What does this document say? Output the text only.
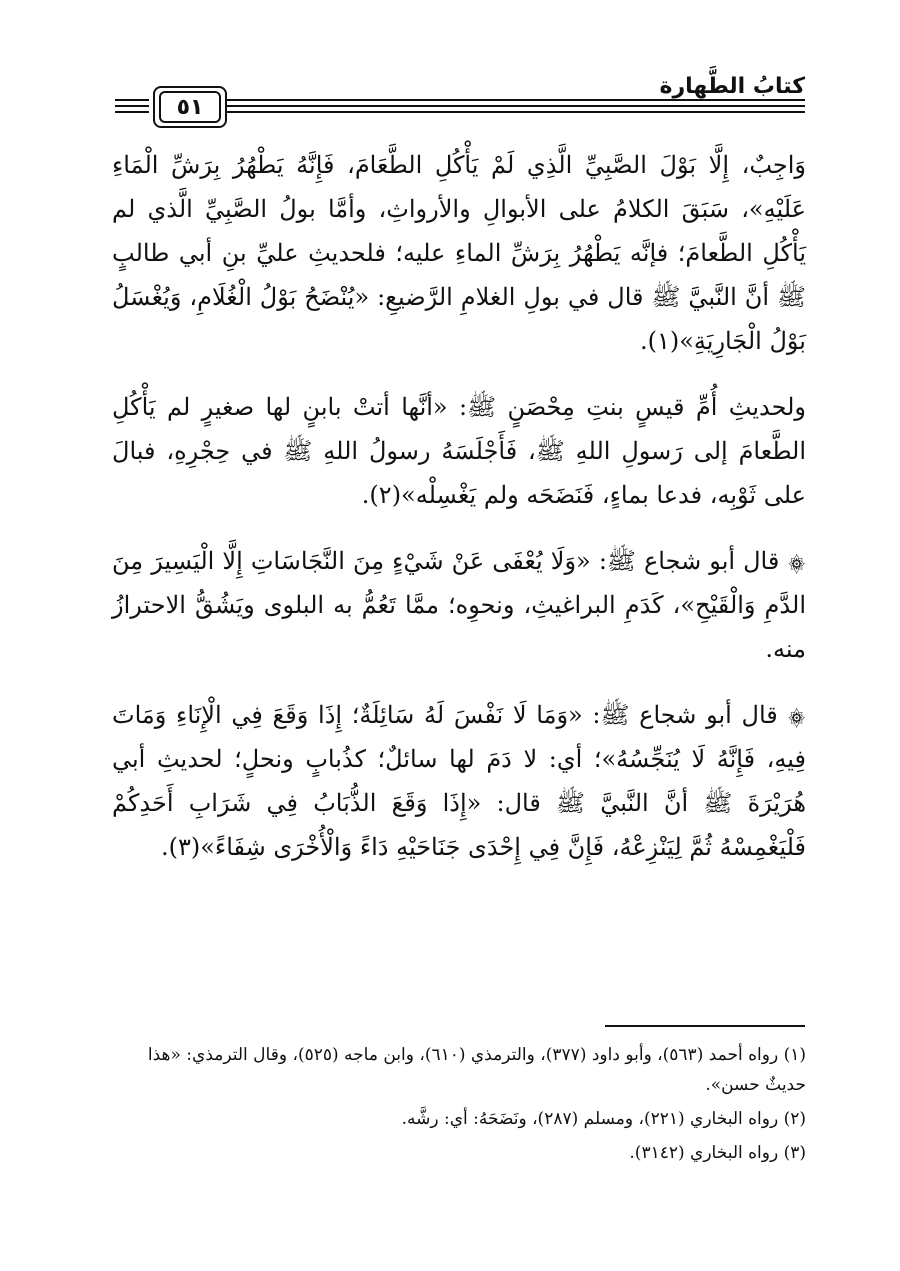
كتابُ الطَّهارة
٥١

وَاجِبٌ، إِلَّا بَوْلَ الصَّبِيِّ الَّذِي لَمْ يَأْكُلِ الطَّعَامَ، فَإِنَّهُ يَطْهُرُ بِرَشِّ الْمَاءِ عَلَيْهِ»، سَبَقَ الكلامُ على الأبوالِ والأرواثِ، وأمَّا بولُ الصَّبِيِّ الَّذي لم يَأْكُلِ الطَّعامَ؛ فإنَّه يَطْهُرُ بِرَشِّ الماءِ عليه؛ فلحديثِ عليِّ بنِ أبي طالبٍ ﷺ أنَّ النَّبيَّ ﷺ قال في بولِ الغلامِ الرَّضيعِ: «يُنْضَحُ بَوْلُ الْغُلَامِ، وَيُغْسَلُ بَوْلُ الْجَارِيَةِ»(١).

ولحديثِ أُمِّ قيسٍ بنتِ مِحْصَنٍ ﷺ: «أنَّها أتتْ بابنٍ لها صغيرٍ لم يَأْكُلِ الطَّعامَ إلى رَسولِ اللهِ ﷺ، فَأَجْلَسَهُ رسولُ اللهِ ﷺ في حِجْرِهِ، فبالَ على ثَوْبِه، فدعا بماءٍ، فَنَضَحَه ولم يَغْسِلْه»(٢).

۞ قال أبو شجاع ﷺ: «وَلَا يُعْفَى عَنْ شَيْءٍ مِنَ النَّجَاسَاتِ إِلَّا الْيَسِيرَ مِنَ الدَّمِ وَالْقَيْحِ»، كَدَمِ البراغيثِ، ونحوِه؛ ممَّا تَعُمُّ به البلوى ويَشُقُّ الاحترازُ منه.

۞ قال أبو شجاع ﷺ: «وَمَا لَا نَفْسَ لَهُ سَائِلَةٌ؛ إِذَا وَقَعَ فِي الْإِنَاءِ وَمَاتَ فِيهِ، فَإِنَّهُ لَا يُنَجِّسُهُ»؛ أي: لا دَمَ لها سائلٌ؛ كذُبابٍ ونحلٍ؛ لحديثِ أبي هُرَيْرَةَ ﷺ أنَّ النَّبيَّ ﷺ قال: «إِذَا وَقَعَ الذُّبَابُ فِي شَرَابِ أَحَدِكُمْ فَلْيَغْمِسْهُ ثُمَّ لِيَنْزِعْهُ، فَإِنَّ فِي إِحْدَى جَنَاحَيْهِ دَاءً وَالْأُخْرَى شِفَاءً»(٣).

(١) رواه أحمد (٥٦٣)، وأبو داود (٣٧٧)، والترمذي (٦١٠)، وابن ماجه (٥٢٥)، وقال الترمذي: «هذا حديثٌ حسن».
(٢) رواه البخاري (٢٢١)، ومسلم (٢٨٧)، ونَضَحَهُ: أي: رشَّه.
(٣) رواه البخاري (٣١٤٢).
